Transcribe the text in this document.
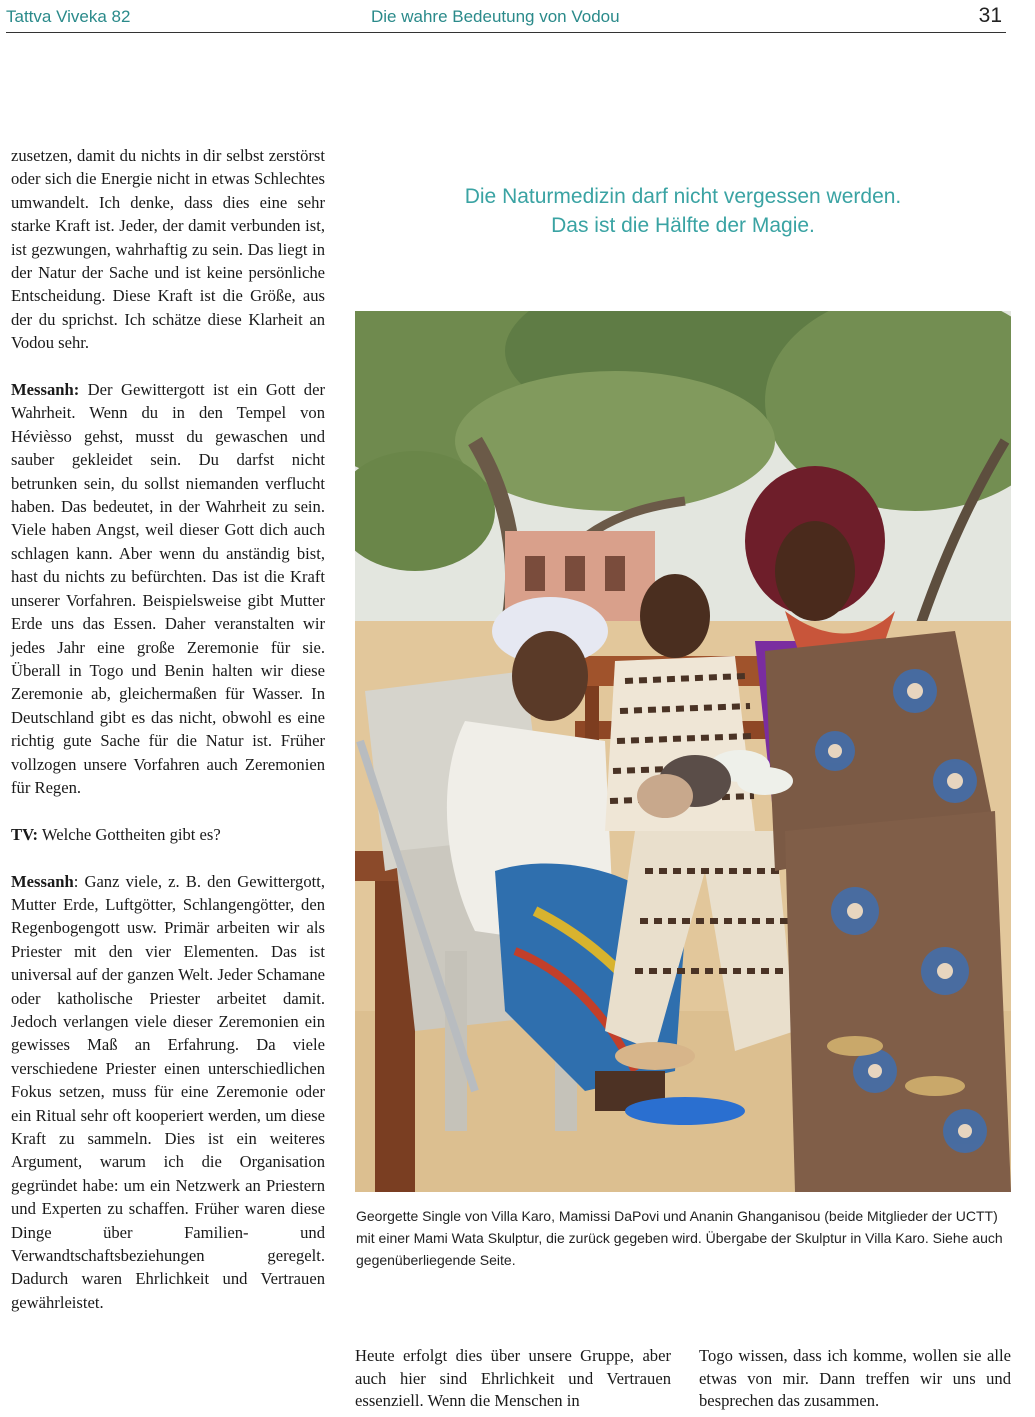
Tattva Viveka 82	Die wahre Bedeutung von Vodou	31

zusetzen, damit du nichts in dir selbst zerstörst oder sich die Energie nicht in etwas Schlechtes umwandelt. Ich denke, dass dies eine sehr starke Kraft ist. Jeder, der damit verbunden ist, ist gezwungen, wahrhaftig zu sein. Das liegt in der Natur der Sache und ist keine persönliche Entscheidung. Diese Kraft ist die Größe, aus der du sprichst. Ich schätze diese Klarheit an Vodou sehr.

Messanh: Der Gewittergott ist ein Gott der Wahrheit. Wenn du in den Tempel von Hévièsso gehst, musst du gewaschen und sauber gekleidet sein. Du darfst nicht betrunken sein, du sollst niemanden verflucht haben. Das bedeutet, in der Wahrheit zu sein. Viele haben Angst, weil dieser Gott dich auch schlagen kann. Aber wenn du anständig bist, hast du nichts zu befürchten. Das ist die Kraft unserer Vorfahren. Beispielsweise gibt Mutter Erde uns das Essen. Daher veranstalten wir jedes Jahr eine große Zeremonie für sie. Überall in Togo und Benin halten wir diese Zeremonie ab, gleichermaßen für Wasser. In Deutschland gibt es das nicht, obwohl es eine richtig gute Sache für die Natur ist. Früher vollzogen unsere Vorfahren auch Zeremonien für Regen.

TV: Welche Gottheiten gibt es?

Messanh: Ganz viele, z. B. den Gewittergott, Mutter Erde, Luftgötter, Schlangengötter, den Regenbogengott usw. Primär arbeiten wir als Priester mit den vier Elementen. Das ist universal auf der ganzen Welt. Jeder Schamane oder katholische Priester arbeitet damit. Jedoch verlangen viele dieser Zeremonien ein gewisses Maß an Erfahrung. Da viele verschiedene Priester einen unterschiedlichen Fokus setzen, muss für eine Zeremonie oder ein Ritual sehr oft kooperiert werden, um diese Kraft zu sammeln. Dies ist ein weiteres Argument, warum ich die Organisation gegründet habe: um ein Netzwerk an Priestern und Experten zu schaffen. Früher waren diese Dinge über Familien- und Verwandtschaftsbeziehungen geregelt. Dadurch waren Ehrlichkeit und Vertrauen gewährleistet.

Die Naturmedizin darf nicht vergessen werden.
Das ist die Hälfte der Magie.
Georgette Single von Villa Karo, Mamissi DaPovi und Ananin Ghanganisou (beide Mitglieder der UCTT) mit einer Mami Wata Skulptur, die zurück gegeben wird. Übergabe der Skulptur in Villa Karo. Siehe auch gegenüberliegende Seite.
Heute erfolgt dies über unsere Gruppe, aber auch hier sind Ehrlichkeit und Vertrauen essenziell. Wenn die Menschen in
Togo wissen, dass ich komme, wollen sie alle etwas von mir. Dann treffen wir uns und besprechen das zusammen.
